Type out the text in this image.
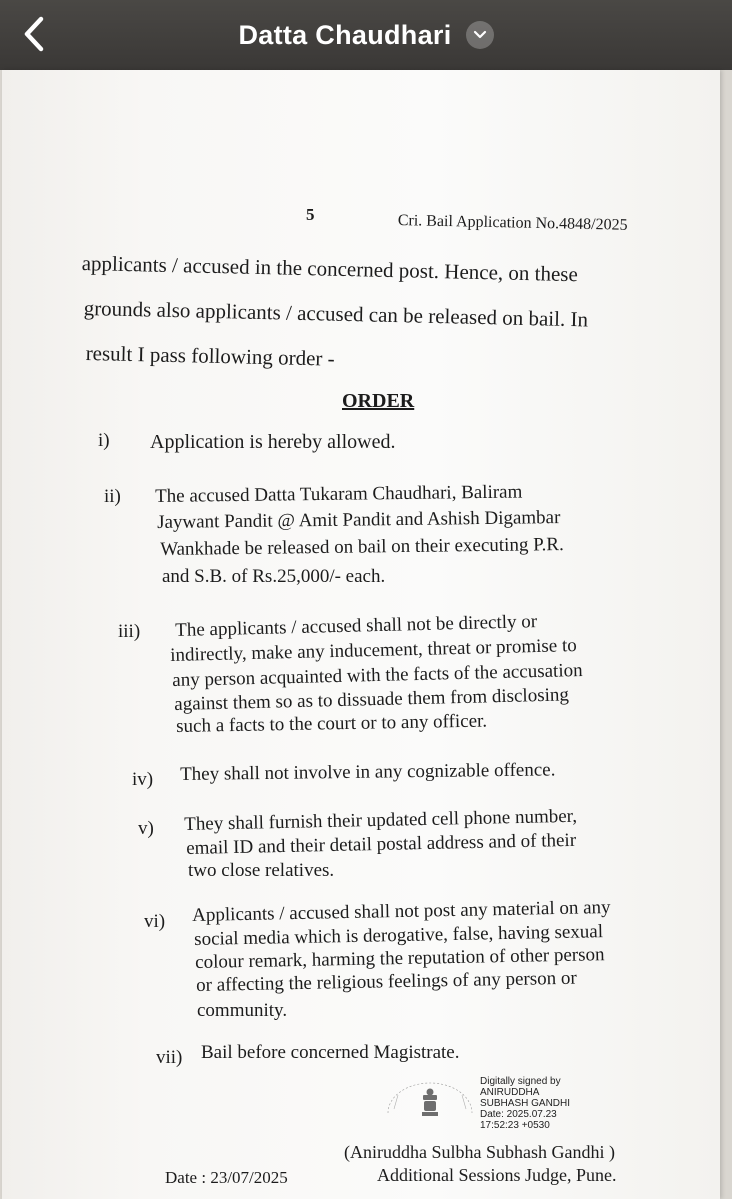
Datta Chaudhari
5	Cri. Bail Application No.4848/2025
applicants / accused in the concerned post. Hence, on these
grounds also applicants / accused can be released on bail. In
result I pass following order -
ORDER
i) Application is hereby allowed.
ii) The accused Datta Tukaram Chaudhari, Baliram
Jaywant Pandit @ Amit Pandit and Ashish Digambar
Wankhade be released on bail on their executing P.R.
and S.B. of Rs.25,000/- each.
iii) The applicants / accused shall not be directly or
indirectly, make any inducement, threat or promise to
any person acquainted with the facts of the accusation
against them so as to dissuade them from disclosing
such a facts to the court or to any officer.
iv) They shall not involve in any cognizable offence.
v) They shall furnish their updated cell phone number,
email ID and their detail postal address and of their
two close relatives.
vi) Applicants / accused shall not post any material on any
social media which is derogative, false, having sexual
colour remark, harming the reputation of other person
or affecting the religious feelings of any person or
community.
vii) Bail before concerned Magistrate.
Digitally signed by
ANIRUDDHA
SUBHASH GANDHI
Date: 2025.07.23
17:52:23 +0530
(Aniruddha Sulbha Subhash Gandhi )
Additional Sessions Judge, Pune.
Date : 23/07/2025
